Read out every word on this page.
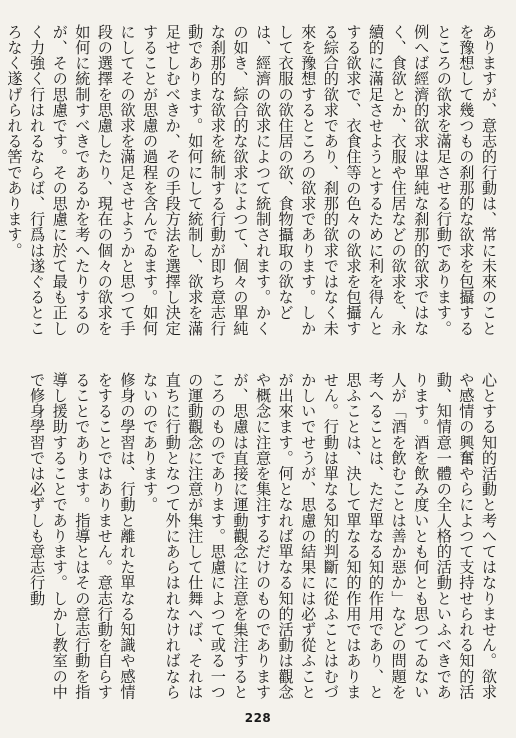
ありますが、意志的行動は、常に未來のことを豫想して幾つもの刹那的な欲求を包攝するところの欲求を滿足させる行動であります。例へば經濟的欲求は單純な刹那的欲求ではなく、食欲とか、衣服や住居などの欲求を、永續的に滿足させようとするために利を得んとする欲求で、衣食住等の色々の欲求を包攝する綜合的欲求であり、刹那的欲求ではなく未來を豫想するところの欲求であります。しかして衣服の欲住居の欲、食物攝取の欲などは、經濟の欲求によつて統制されます。かくの如き、綜合的な欲求によつて、個々の單純な刹那的な欲求を統制する行動が即ち意志行動であります。如何にして統制し、欲求を滿足せしむべきか、その手段方法を選擇し決定することが思慮の過程を含んでゐます。如何にしてその欲求を滿足させようかと思つて手段の選擇を思慮したり、現在の個々の欲求を如何に統制すべきであるかを考へたりするのが、その思慮です。その思慮に於て最も正しく力強く行はれるならば、行爲は遂ぐるところなく遂げられる筈であります。

心とする知的活動と考へてはなりません。欲求や感情の興奮やらによつて支持せられる知的活動、知情意一體の全人格的活動といふべきであります。酒を飲み度いとも何とも思つてゐない人が「酒を飲むことは善か惡か」などの問題を考へることは、ただ單なる知的作用であり、と思ふことは、決して單なる知的作用ではありません。行動は單なる知的判斷に從ふことはむづかしいでせうが、思慮の結果には必ず從ふことが出來ます。何となれば單なる知的活動は觀念や概念に注意を集注するだけのものでありますが、思慮は直接に運動觀念に注意を集注するところのものであります。思慮によつて或る一つの運動觀念に注意が集注して仕舞へば、それは直ちに行動となつて外にあらはれなければならないのであります。

修身の學習は、行動と離れた單なる知識や感情をすることではありません。意志行動を自らすることであります。指導とはその意志行動を指導し援助することであります。しかし教室の中で修身學習では必ずしも意志行動

228
